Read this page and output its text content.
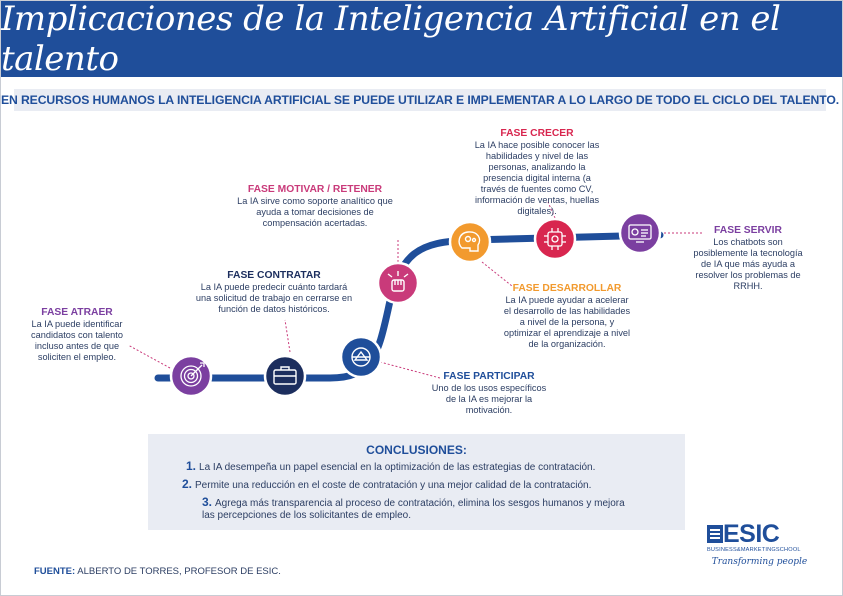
Implicaciones de la Inteligencia Artificial en el talento
EN RECURSOS HUMANOS LA INTELIGENCIA ARTIFICIAL SE PUEDE UTILIZAR E IMPLEMENTAR A LO LARGO DE TODO EL CICLO DEL TALENTO.
FASE ATRAER
La IA puede identificar candidatos con talento incluso antes de que soliciten el empleo.
FASE CONTRATAR
La IA puede predecir cuánto tardará una solicitud de trabajo en cerrarse en función de datos históricos.
FASE PARTICIPAR
Uno de los usos específicos de la IA es mejorar la motivación.
FASE MOTIVAR / RETENER
La IA sirve como soporte analítico que ayuda a tomar decisiones de compensación acertadas.
FASE DESARROLLAR
La IA puede ayudar a acelerar el desarrollo de las habilidades a nivel de la persona, y optimizar el aprendizaje a nivel de la organización.
FASE CRECER
La IA hace posible conocer las habilidades y nivel de las personas, analizando la presencia digital interna (a través de fuentes como CV, información de ventas, huellas digitales).
FASE SERVIR
Los chatbots son posiblemente la tecnología de IA que más ayuda a resolver los problemas de RRHH.
CONCLUSIONES:
1. La IA desempeña un papel esencial en la optimización de las estrategias de contratación.
2. Permite una reducción en el coste de contratación y una mejor calidad de la contratación.
3. Agrega más transparencia al proceso de contratación, elimina los sesgos humanos y mejora las percepciones de los solicitantes de empleo.
FUENTE: ALBERTO DE TORRES, PROFESOR DE ESIC.
ESIC
BUSINESS&MARKETINGSCHOOL
Transforming people
